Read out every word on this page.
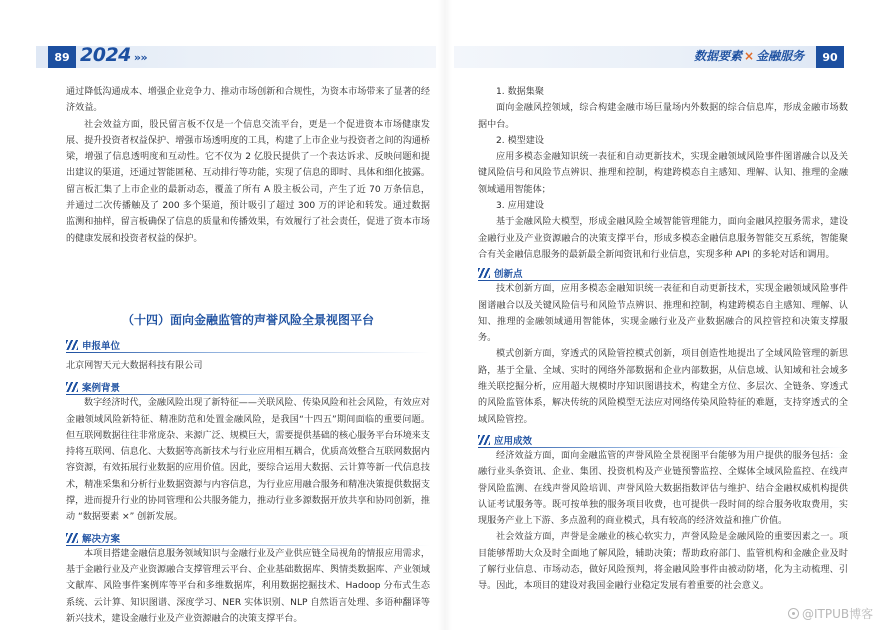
89 2024 »»	数据要素 × 金融服务	90

通过降低沟通成本、增强企业竞争力、推动市场创新和合规性，为资本市场带来了显著的经济效益。

社会效益方面，股民留言板不仅是一个信息交流平台，更是一个促进资本市场健康发展、提升投资者权益保护、增强市场透明度的工具，构建了上市企业与投资者之间的沟通桥梁，增强了信息透明度和互动性。它不仅为 2 亿股民提供了一个表达诉求、反映问题和提出建议的渠道，还通过智能匿秘、互动排行等功能，实现了信息的即时、具体和细化披露。留言板汇集了上市企业的最新动态，覆盖了所有 A 股主板公司，产生了近 70 万条信息，并通过二次传播触及了 200 多个渠道，预计吸引了超过 300 万的评论和转发。通过数据监测和抽样，留言板确保了信息的质量和传播效果，有效履行了社会责任，促进了资本市场的健康发展和投资者权益的保护。

（十四）面向金融监管的声誉风险全景视图平台

申报单位

北京网智天元大数据科技有限公司

案例背景

数字经济时代，金融风险出现了新特征——关联风险、传染风险和社会风险，有效应对金融领域风险新特征、精准防范和处置金融风险，是我国“十四五”期间面临的重要问题。但互联网数据往往非常庞杂、来源广泛、规模巨大，需要提供基础的核心服务平台环境来支持将互联网、信息化、大数据等高新技术与行业应用相互耦合，优质高效整合互联网数据内容资源，有效拓展行业数据的应用价值。因此，要综合运用大数据、云计算等新一代信息技术，精准采集和分析行业数据资源与内容信息，为行业应用融合服务和精准决策提供数据支撑，进而提升行业的协同管理和公共服务能力，推动行业多源数据开放共享和协同创新，推动 “数据要素 ×” 创新发展。

解决方案

本项目搭建金融信息服务领域知识与金融行业及产业供应链全局视角的情报应用需求，基于金融行业及产业资源融合支撑管理云平台、企业基础数据库、舆情类数据库、产业领域文献库、风险事件案例库等平台和多维数据库，利用数据挖掘技术、Hadoop 分布式生态系统、云计算、知识图谱、深度学习、NER 实体识别、NLP 自然语言处理、多语种翻译等新兴技术，建设金融行业及产业资源融合的决策支撑平台。

1. 数据集聚

面向金融风控领域，综合构建金融市场巨量场内外数据的综合信息库，形成金融市场数据中台。

2. 模型建设

应用多模态金融知识统一表征和自动更新技术，实现金融领域风险事件图谱融合以及关键风险信号和风险节点辨识、推理和控制，构建跨模态自主感知、理解、认知、推理的金融领域通用智能体；

3. 应用建设

基于金融风险大模型，形成金融风险全域智能管理能力，面向金融风控服务需求，建设金融行业及产业资源融合的决策支撑平台，形成多模态金融信息服务智能交互系统，智能聚合有关金融信息服务的最新最全新闻资讯和行业信息，实现多种 API 的多轮对话和调用。

创新点

技术创新方面，应用多模态金融知识统一表征和自动更新技术，实现金融领域风险事件图谱融合以及关键风险信号和风险节点辨识、推理和控制，构建跨模态自主感知、理解、认知、推理的金融领域通用智能体，实现金融行业及产业数据融合的风控管控和决策支撑服务。

模式创新方面，穿透式的风险管控模式创新，项目创造性地提出了全域风险管理的新思路，基于全量、全域、实时的网络外部数据和企业内部数据，从信息域、认知域和社会域多维关联挖掘分析，应用超大规模时序知识图谱技术，构建全方位、多层次、全链条、穿透式的风险监管体系，解决传统的风险模型无法应对网络传染风险特征的难题，支持穿透式的全域风险管控。

应用成效

经济效益方面，面向金融监管的声誉风险全景视图平台能够为用户提供的服务包括：金融行业头条资讯、企业、集团、投资机构及产业链预警监控、全媒体全域风险监控、在线声誉风险监测、在线声誉风险培训、声誉风险大数据指数评估与维护、结合金融权威机构提供认证考试服务等。既可按单独的服务项目收费，也可提供一段时间的综合服务收取费用，实现服务产业上下游、多点盈利的商业模式，具有较高的经济效益和推广价值。

社会效益方面，声誉是金融业的核心软实力，声誉风险是金融风险的重要因素之一。项目能够帮助大众及时全面地了解风险，辅助决策；帮助政府部门、监管机构和金融企业及时了解行业信息、市场动态，做好风险预判，将金融风险事件由被动防堵，化为主动梳理、引导。因此，本项目的建设对我国金融行业稳定发展有着重要的社会意义。

@ITPUB博客
